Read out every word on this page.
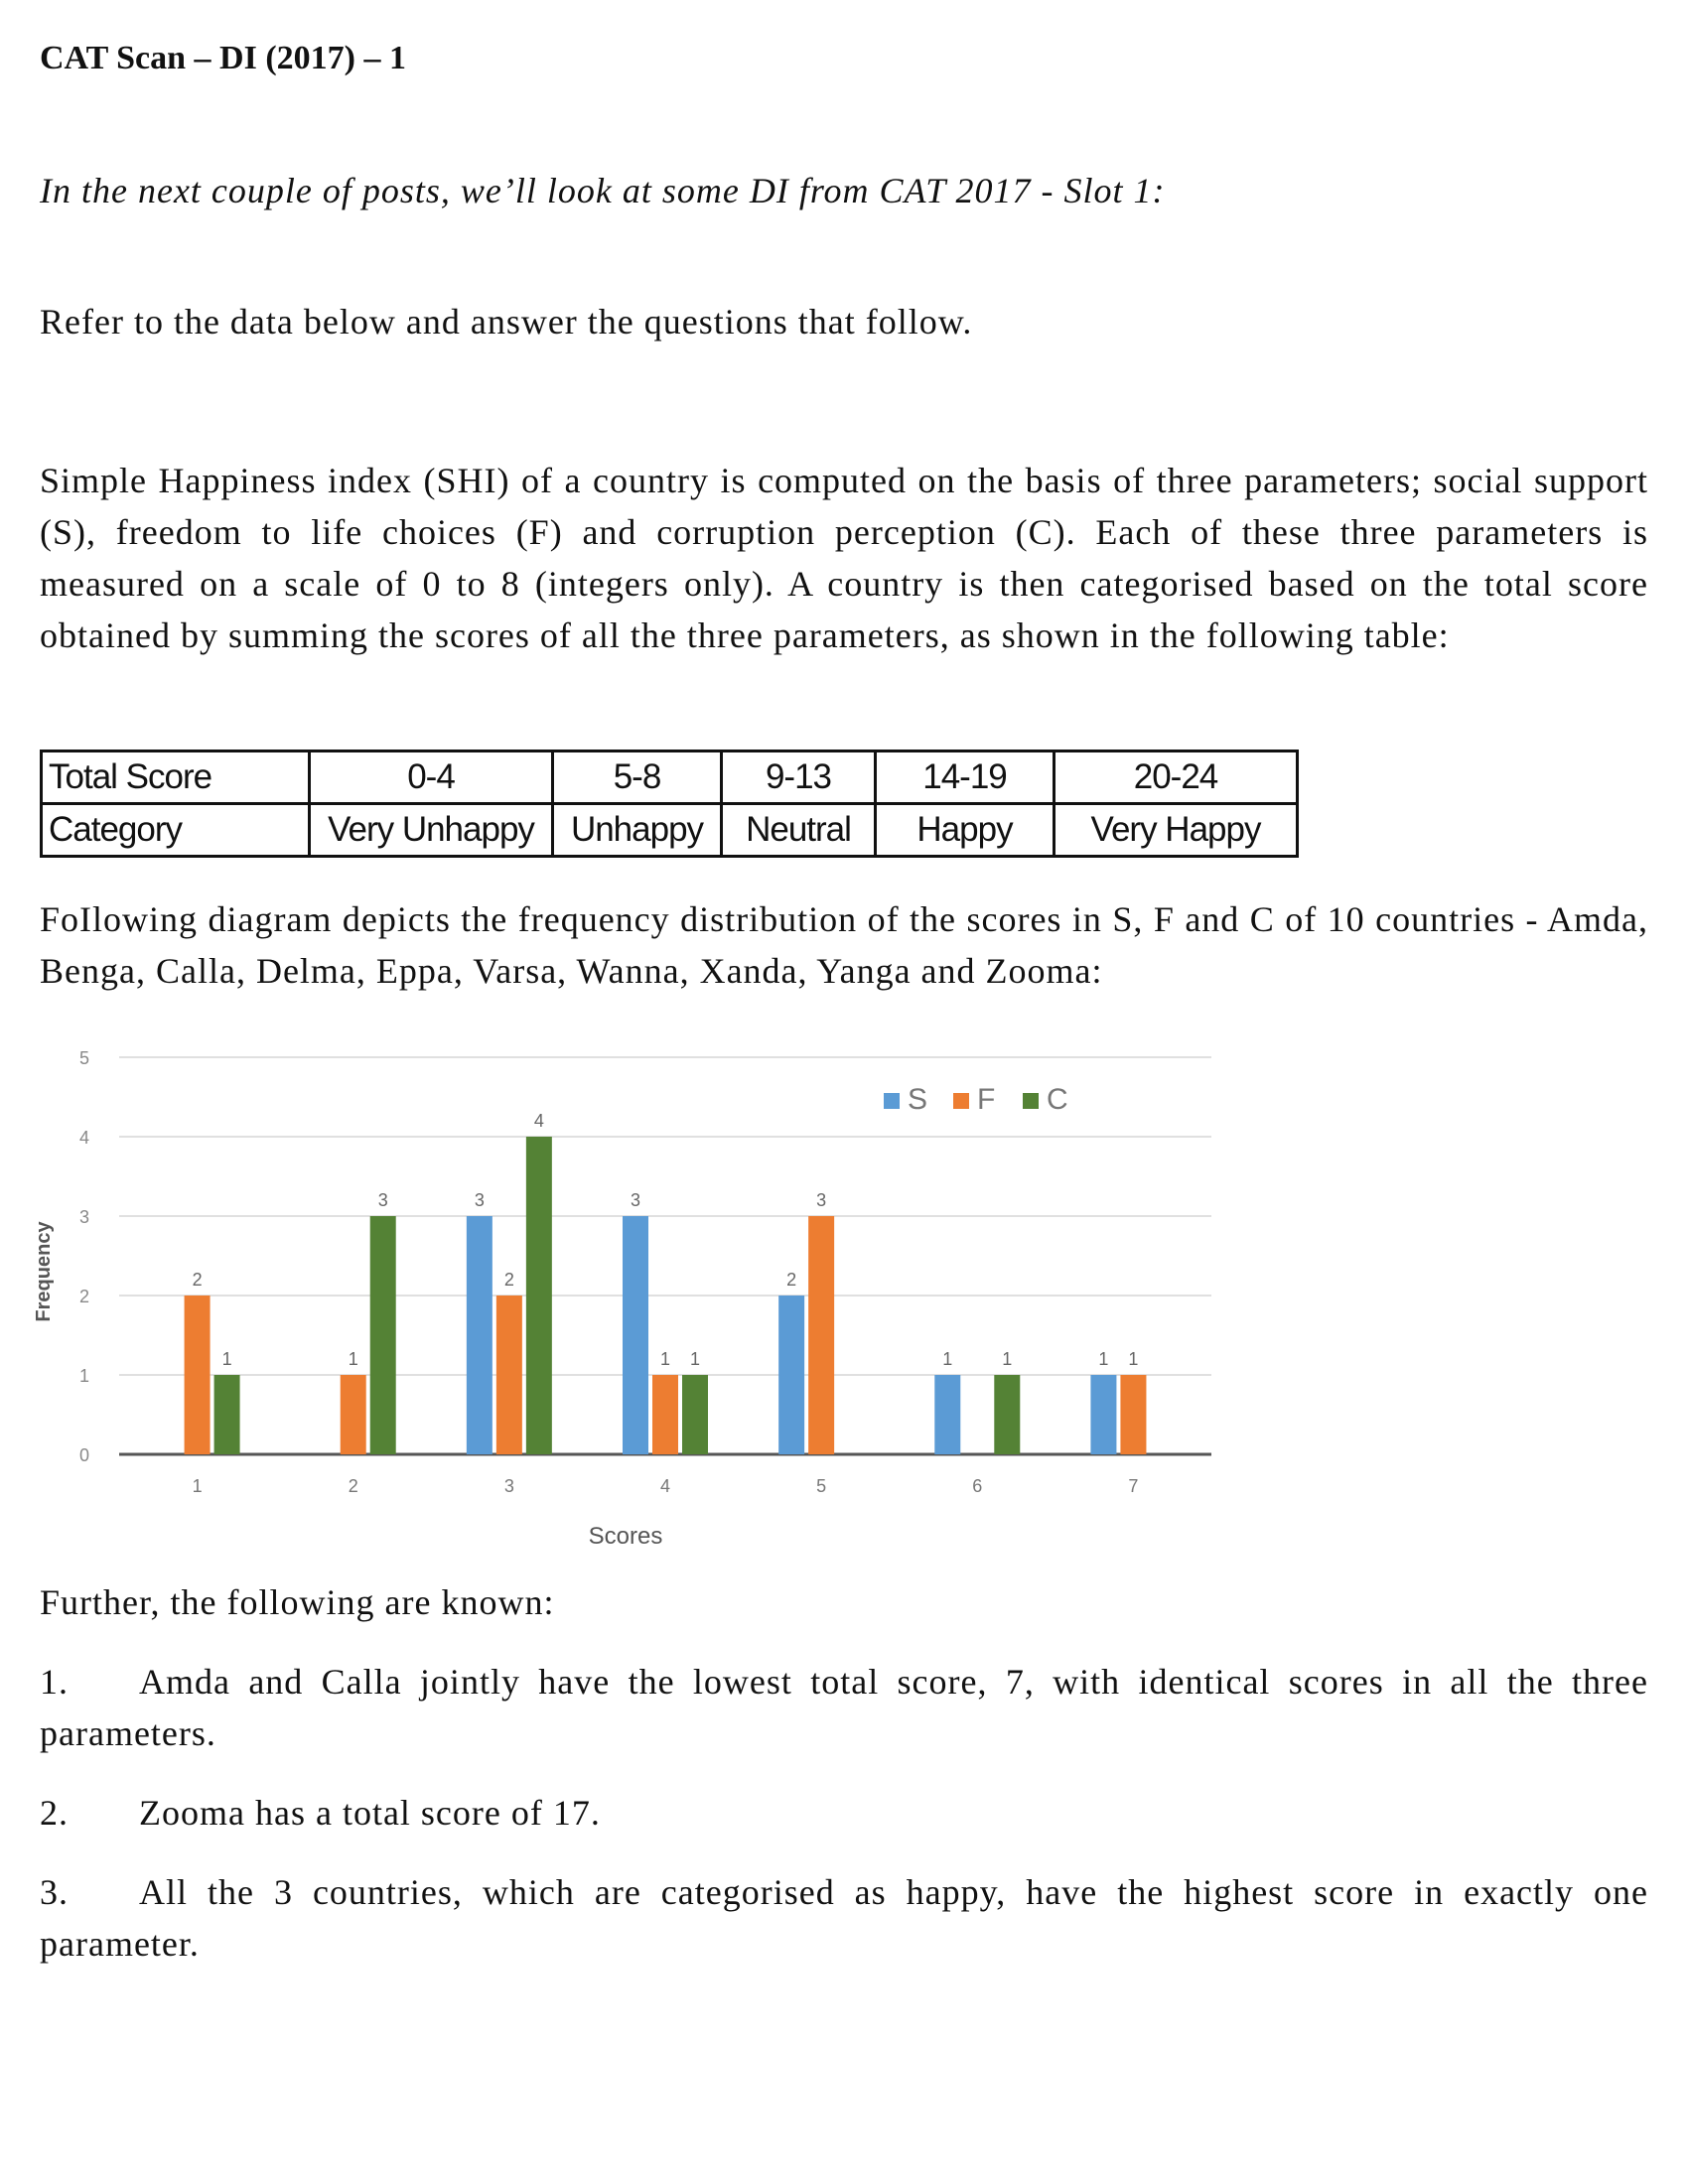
CAT Scan – DI (2017) – 1

In the next couple of posts, we’ll look at some DI from CAT 2017 - Slot 1:

Refer to the data below and answer the questions that follow.

Simple Happiness index (SHI) of a country is computed on the basis of three parameters; social support (S), freedom to life choices (F) and corruption perception (C). Each of these three parameters is measured on a scale of 0 to 8 (integers only). A country is then categorised based on the total score obtained by summing the scores of all the three parameters, as shown in the following table:

Total Score	0-4	5-8	9-13	14-19	20-24
Category	Very Unhappy	Unhappy	Neutral	Happy	Very Happy

FoIlowing diagram depicts the frequency distribution of the scores in S, F and C of 10 countries - Amda, Benga, Calla, Delma, Eppa, Varsa, Wanna, Xanda, Yanga and Zooma:

0
1
2
3
4
5
Frequency	2
1
1
1
3
2
3
2
4
3
3
1 1
4
2
3
5
1	1
6
1 1
7
Scores
S F C

Further, the following are known:

1. Amda and Calla jointly have the lowest total score, 7, with identical scores in all the three parameters.

2. Zooma has a total score of 17.

3. All the 3 countries, which are categorised as happy, have the highest score in exactly one parameter.
